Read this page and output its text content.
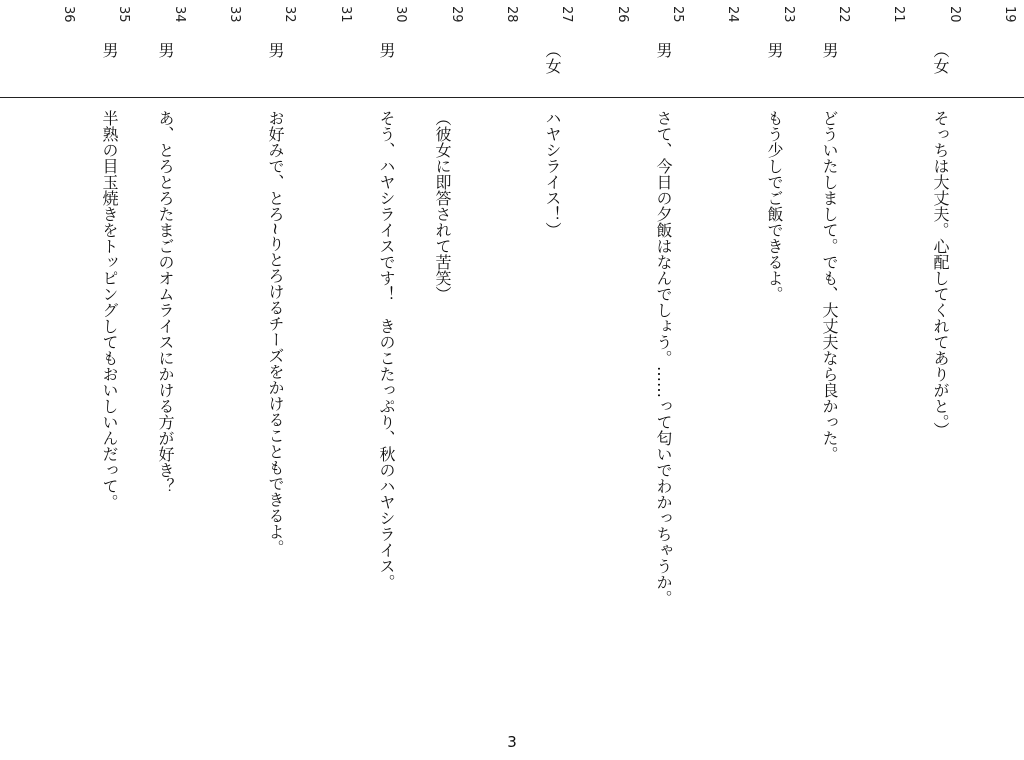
19
20
（女
そっちは大丈夫。心配してくれてありがと。）
21
22
男
どういたしまして。でも、大丈夫なら良かった。
23
男
もう少しでご飯できるよ。
24
25
男
さて、今日の夕飯はなんでしょう。……って匂いでわかっちゃうか。
26
27
（女
ハヤシライス！）
28
29
（彼女に即答されて苦笑）
30
男
そう、ハヤシライスです！　きのこたっぷり、秋のハヤシライス。
31
32
男
お好みで、とろ~りとろけるチーズをかけることもできるよ。
33
34
男
あ、とろとろたまごのオムライスにかける方が好き？
35
男
半熟の目玉焼きをトッピングしてもおいしいんだって。
36
3
